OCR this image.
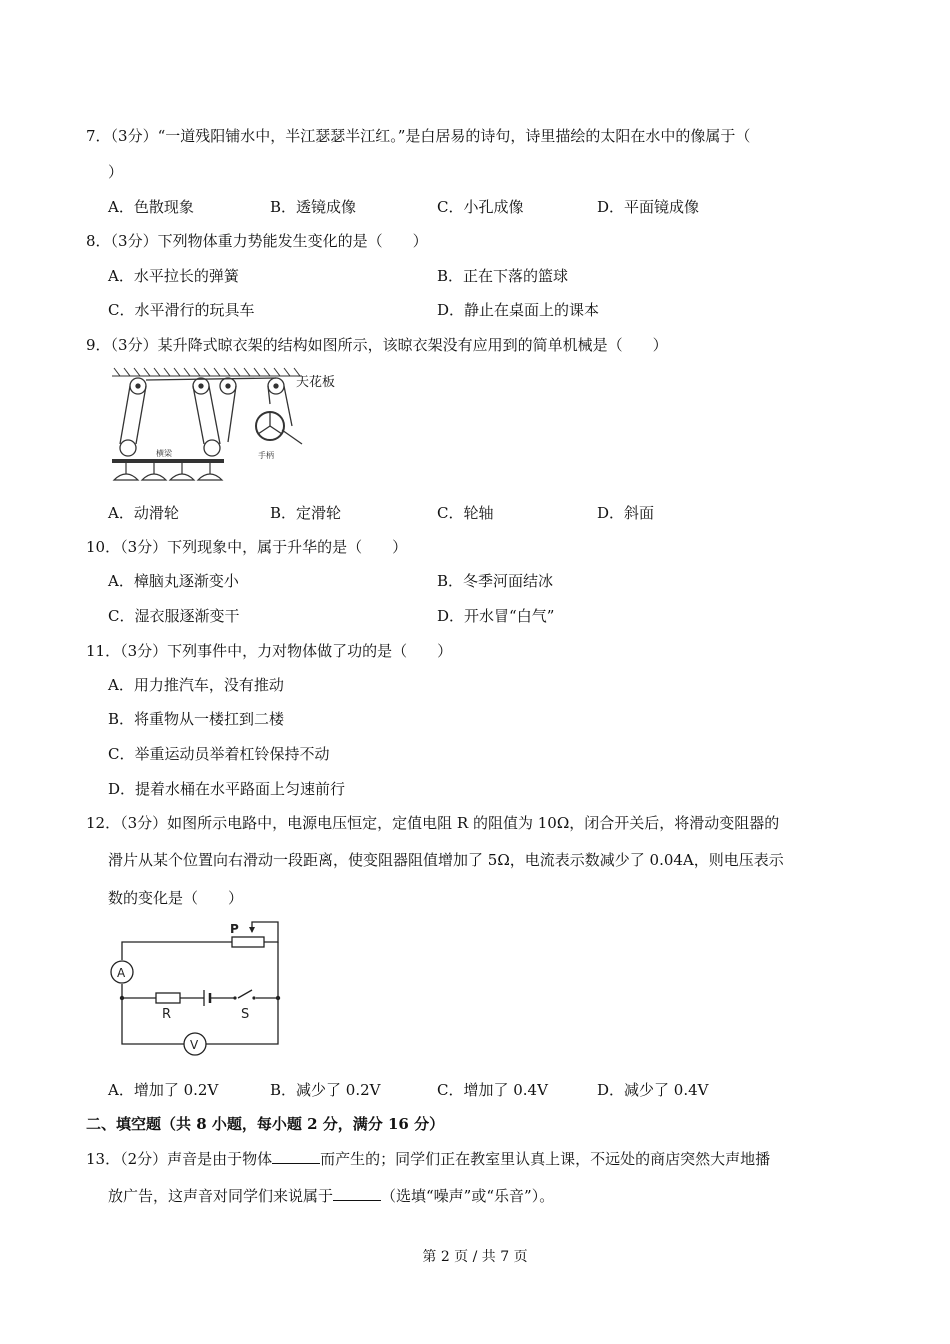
7．（3分）“一道残阳铺水中，半江瑟瑟半江红。”是白居易的诗句，诗里描绘的太阳在水中的像属于（
）
A．色散现象	B．透镜成像	C．小孔成像	D．平面镜成像
8．（3分）下列物体重力势能发生变化的是（　　）
A．水平拉长的弹簧	B．正在下落的篮球
C．水平滑行的玩具车	D．静止在桌面上的课本
9．（3分）某升降式晾衣架的结构如图所示，该晾衣架没有应用到的简单机械是（　　）
天花板
手柄
横梁
A．动滑轮	B．定滑轮	C．轮轴	D．斜面
10．（3分）下列现象中，属于升华的是（　　）
A．樟脑丸逐渐变小	B．冬季河面结冰
C．湿衣服逐渐变干	D．开水冒“白气”
11．（3分）下列事件中，力对物体做了功的是（　　）
A．用力推汽车，没有推动
B．将重物从一楼扛到二楼
C．举重运动员举着杠铃保持不动
D．提着水桶在水平路面上匀速前行
12．（3分）如图所示电路中，电源电压恒定，定值电阻 R 的阻值为 10Ω，闭合开关后，将滑动变阻器的
滑片从某个位置向右滑动一段距离，使变阻器阻值增加了 5Ω，电流表示数减少了 0.04A，则电压表示
数的变化是（　　）
P
A
V
R	S
A．增加了 0.2V	B．减少了 0.2V	C．增加了 0.4V	D．减少了 0.4V
二、填空题（共 8 小题，每小题 2 分，满分 16 分）
13．（2分）声音是由于物体	而产生的；同学们正在教室里认真上课，不远处的商店突然大声地播
放广告，这声音对同学们来说属于	（选填“噪声”或“乐音”）。
第 2 页 / 共 7 页
